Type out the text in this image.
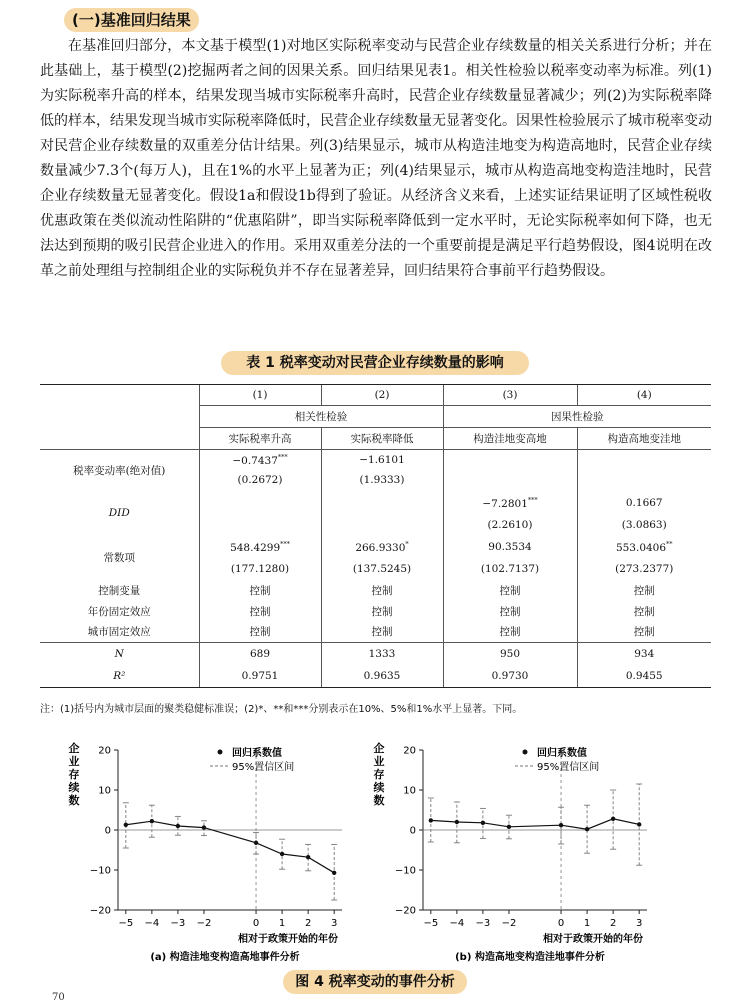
(一)基准回归结果

在基准回归部分，本文基于模型(1)对地区实际税率变动与民营企业存续数量的相关关系进行分析；并在此基础上，基于模型(2)挖掘两者之间的因果关系。回归结果见表1。相关性检验以税率变动率为标准。列(1)为实际税率升高的样本，结果发现当城市实际税率升高时，民营企业存续数量显著减少；列(2)为实际税率降低的样本，结果发现当城市实际税率降低时，民营企业存续数量无显著变化。因果性检验展示了城市税率变动对民营企业存续数量的双重差分估计结果。列(3)结果显示，城市从构造洼地变为构造高地时，民营企业存续数量减少7.3个(每万人)，且在1%的水平上显著为正；列(4)结果显示，城市从构造高地变构造洼地时，民营企业存续数量无显著变化。假设1a和假设1b得到了验证。从经济含义来看，上述实证结果证明了区域性税收优惠政策在类似流动性陷阱的“优惠陷阱”，即当实际税率降低到一定水平时，无论实际税率如何下降，也无法达到预期的吸引民营企业进入的作用。采用双重差分法的一个重要前提是满足平行趋势假设，图4说明在改革之前处理组与控制组企业的实际税负并不存在显著差异，回归结果符合事前平行趋势假设。

表 1 税率变动对民营企业存续数量的影响
	(1)	(2)	(3)	(4)
	相关性检验		因果性检验	
	实际税率升高	实际税率降低	构造洼地变高地	构造高地变洼地
税率变动率(绝对值)	−0.7437***	−1.6101		
	(0.2672)	(1.9333)		
DID			−7.2801***	0.1667
			(2.2610)	(3.0863)
常数项	548.4299***	266.9330*	90.3534	553.0406**
	(177.1280)	(137.5245)	(102.7137)	(273.2377)
控制变量	控制	控制	控制	控制
年份固定效应	控制	控制	控制	控制
城市固定效应	控制	控制	控制	控制
N	689	1333	950	934
R²	0.9751	0.9635	0.9730	0.9455
注：(1)括号内为城市层面的聚类稳健标准误；(2)*、**和***分别表示在10%、5%和1%水平上显著。下同。
−20
−10
0
10
20
−5 −4 −3 −2	0 1 2 3
企业存续数
回归系数值
95%置信区间
相对于政策开始的年份
(a) 构造洼地变构造高地事件分析
−20
−10
0
10
20
−5 −4 −3 −2	0 1 2 3
企业存续数
回归系数值
95%置信区间
相对于政策开始的年份
(b) 构造高地变构造洼地事件分析
图 4 税率变动的事件分析
70
